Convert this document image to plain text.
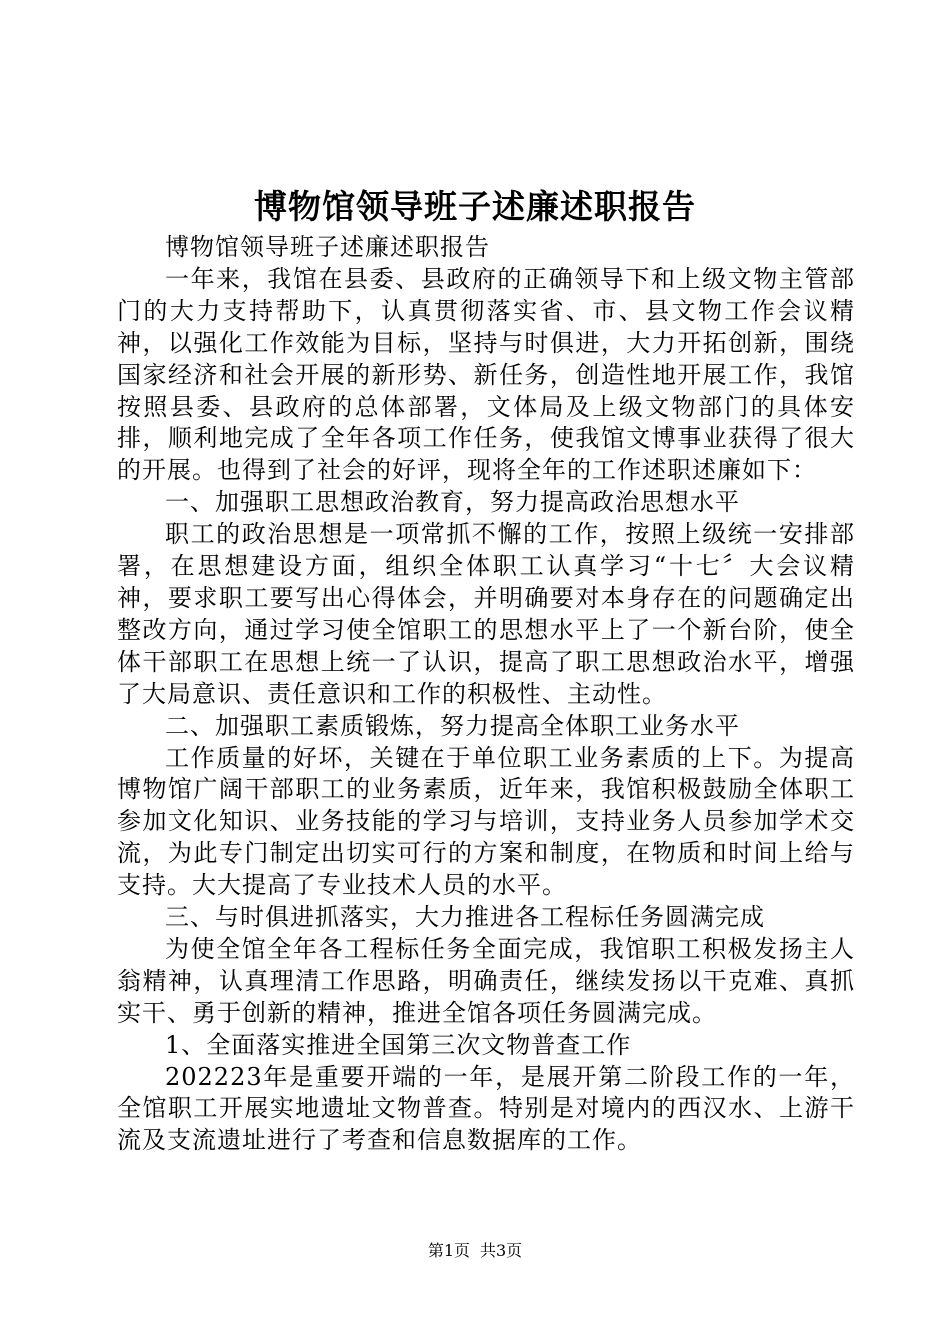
博物馆领导班子述廉述职报告

博物馆领导班子述廉述职报告

一年来，我馆在县委、县政府的正确领导下和上级文物主管部门的大力支持帮助下，认真贯彻落实省、市、县文物工作会议精神，以强化工作效能为目标，坚持与时俱进，大力开拓创新，围绕国家经济和社会开展的新形势、新任务，创造性地开展工作，我馆按照县委、县政府的总体部署，文体局及上级文物部门的具体安排，顺利地完成了全年各项工作任务，使我馆文博事业获得了很大的开展。也得到了社会的好评，现将全年的工作述职述廉如下：

一、加强职工思想政治教育，努力提高政治思想水平

职工的政治思想是一项常抓不懈的工作，按照上级统一安排部署，在思想建设方面，组织全体职工认真学习“十七〞大会议精神，要求职工要写出心得体会，并明确要对本身存在的问题确定出整改方向，通过学习使全馆职工的思想水平上了一个新台阶，使全体干部职工在思想上统一了认识，提高了职工思想政治水平，增强了大局意识、责任意识和工作的积极性、主动性。

二、加强职工素质锻炼，努力提高全体职工业务水平

工作质量的好坏，关键在于单位职工业务素质的上下。为提高博物馆广阔干部职工的业务素质，近年来，我馆积极鼓励全体职工参加文化知识、业务技能的学习与培训，支持业务人员参加学术交流，为此专门制定出切实可行的方案和制度，在物质和时间上给与支持。大大提高了专业技术人员的水平。

三、与时俱进抓落实，大力推进各工程标任务圆满完成

为使全馆全年各工程标任务全面完成，我馆职工积极发扬主人翁精神，认真理清工作思路，明确责任，继续发扬以干克难、真抓实干、勇于创新的精神，推进全馆各项任务圆满完成。

1、全面落实推进全国第三次文物普查工作

202223年是重要开端的一年，是展开第二阶段工作的一年，全馆职工开展实地遗址文物普查。特别是对境内的西汉水、上游干流及支流遗址进行了考查和信息数据库的工作。

第1页 共3页
